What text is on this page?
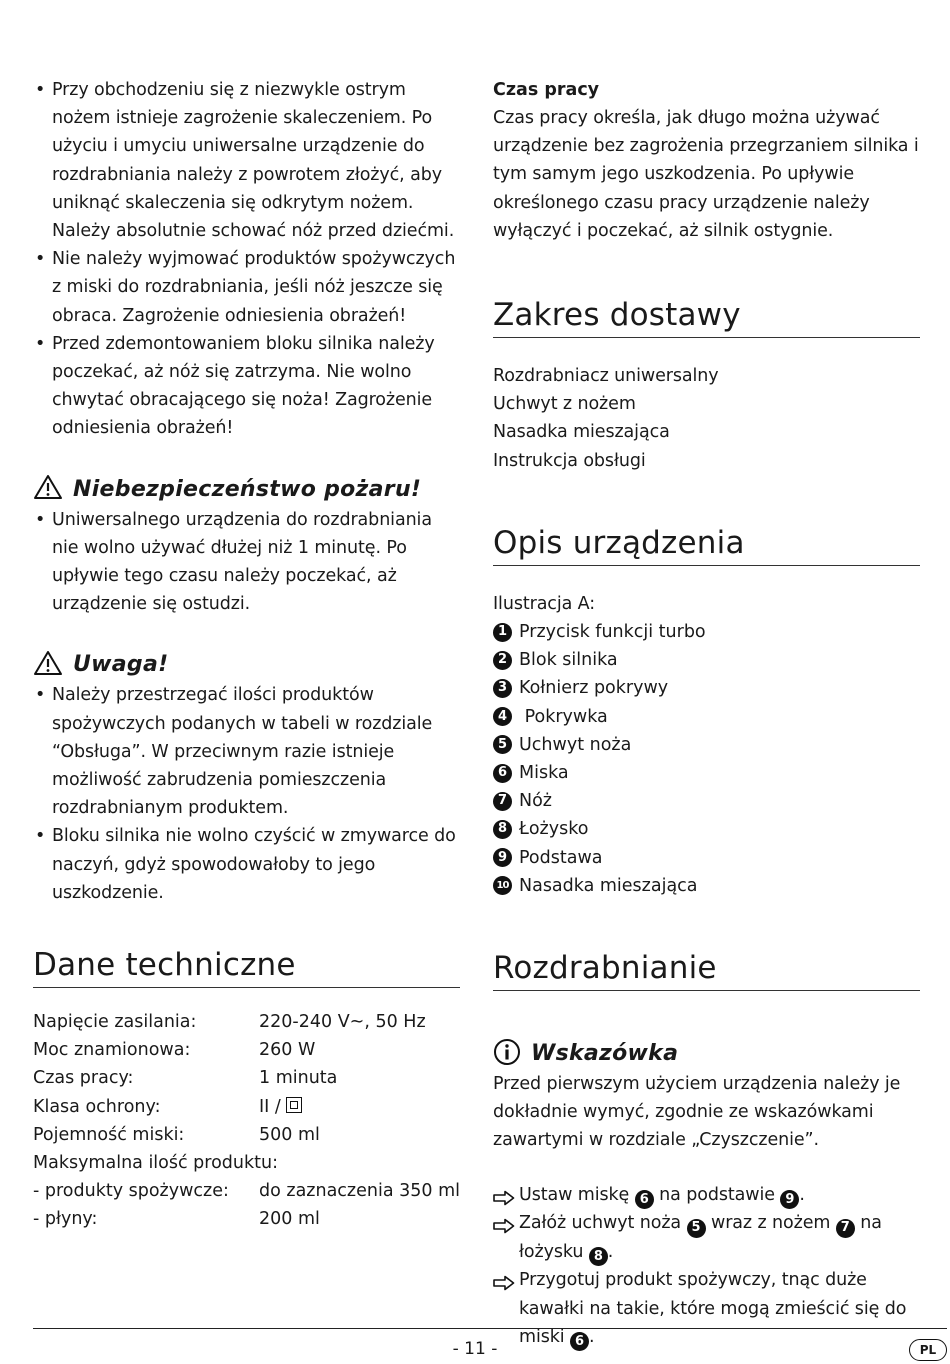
• Przy obchodzeniu się z niezwykle ostrym nożem istnieje zagrożenie skaleczeniem. Po użyciu i umyciu uniwersalne urządzenie do rozdrabniania należy z powrotem złożyć, aby uniknąć skaleczenia się odkrytym nożem. Należy absolutnie schować nóż przed dziećmi.
• Nie należy wyjmować produktów spożywczych z miski do rozdrabniania, jeśli nóż jeszcze się obraca. Zagrożenie odniesienia obrażeń!
• Przed zdemontowaniem bloku silnika należy poczekać, aż nóż się zatrzyma. Nie wolno chwytać obracającego się noża! Zagrożenie odniesienia obrażeń!
Niebezpieczeństwo pożaru!
• Uniwersalnego urządzenia do rozdrabniania nie wolno używać dłużej niż 1 minutę. Po upływie tego czasu należy poczekać, aż urządzenie się ostudzi.
Uwaga!
• Należy przestrzegać ilości produktów spożywczych podanych w tabeli w rozdziale “Obsługa”. W przeciwnym razie istnieje możliwość zabrudzenia pomieszczenia rozdrabnianym produktem.
• Bloku silnika nie wolno czyścić w zmywarce do naczyń, gdyż spowodowałoby to jego uszkodzenie.
Dane techniczne
Napięcie zasilania:	220-240 V~, 50 Hz
Moc znamionowa:	260 W
Czas pracy:	1 minuta
Klasa ochrony:	II /
Pojemność miski:	500 ml
Maksymalna ilość produktu:	
- produkty spożywcze:	do zaznaczenia 350 ml
- płyny:	200 ml

Czas pracy

Czas pracy określa, jak długo można używać urządzenie bez zagrożenia przegrzaniem silnika i tym samym jego uszkodzenia. Po upływie określonego czasu pracy urządzenie należy wyłączyć i poczekać, aż silnik ostygnie.

Zakres dostawy
Rozdrabniacz uniwersalny
Uchwyt z nożem
Nasadka mieszająca
Instrukcja obsługi
Opis urządzenia
Ilustracja A:
1 Przycisk funkcji turbo
2 Blok silnika
3 Kołnierz pokrywy
4 Pokrywka
5 Uchwyt noża
6 Miska
7 Nóż
8 Łożysko
9 Podstawa
10 Nasadka mieszająca
Rozdrabnianie
Wskazówka

Przed pierwszym użyciem urządzenia należy je dokładnie wymyć, zgodnie ze wskazówkami zawartymi w rozdziale „Czyszczenie”.

Ustaw miskę 6 na podstawie 9 .
Załóż uchwyt noża 5 wraz z nożem 7 na łożysku 8 .
Przygotuj produkt spożywczy, tnąc duże kawałki na takie, które mogą zmieścić się do miski 6 .
- 11 -	PL
